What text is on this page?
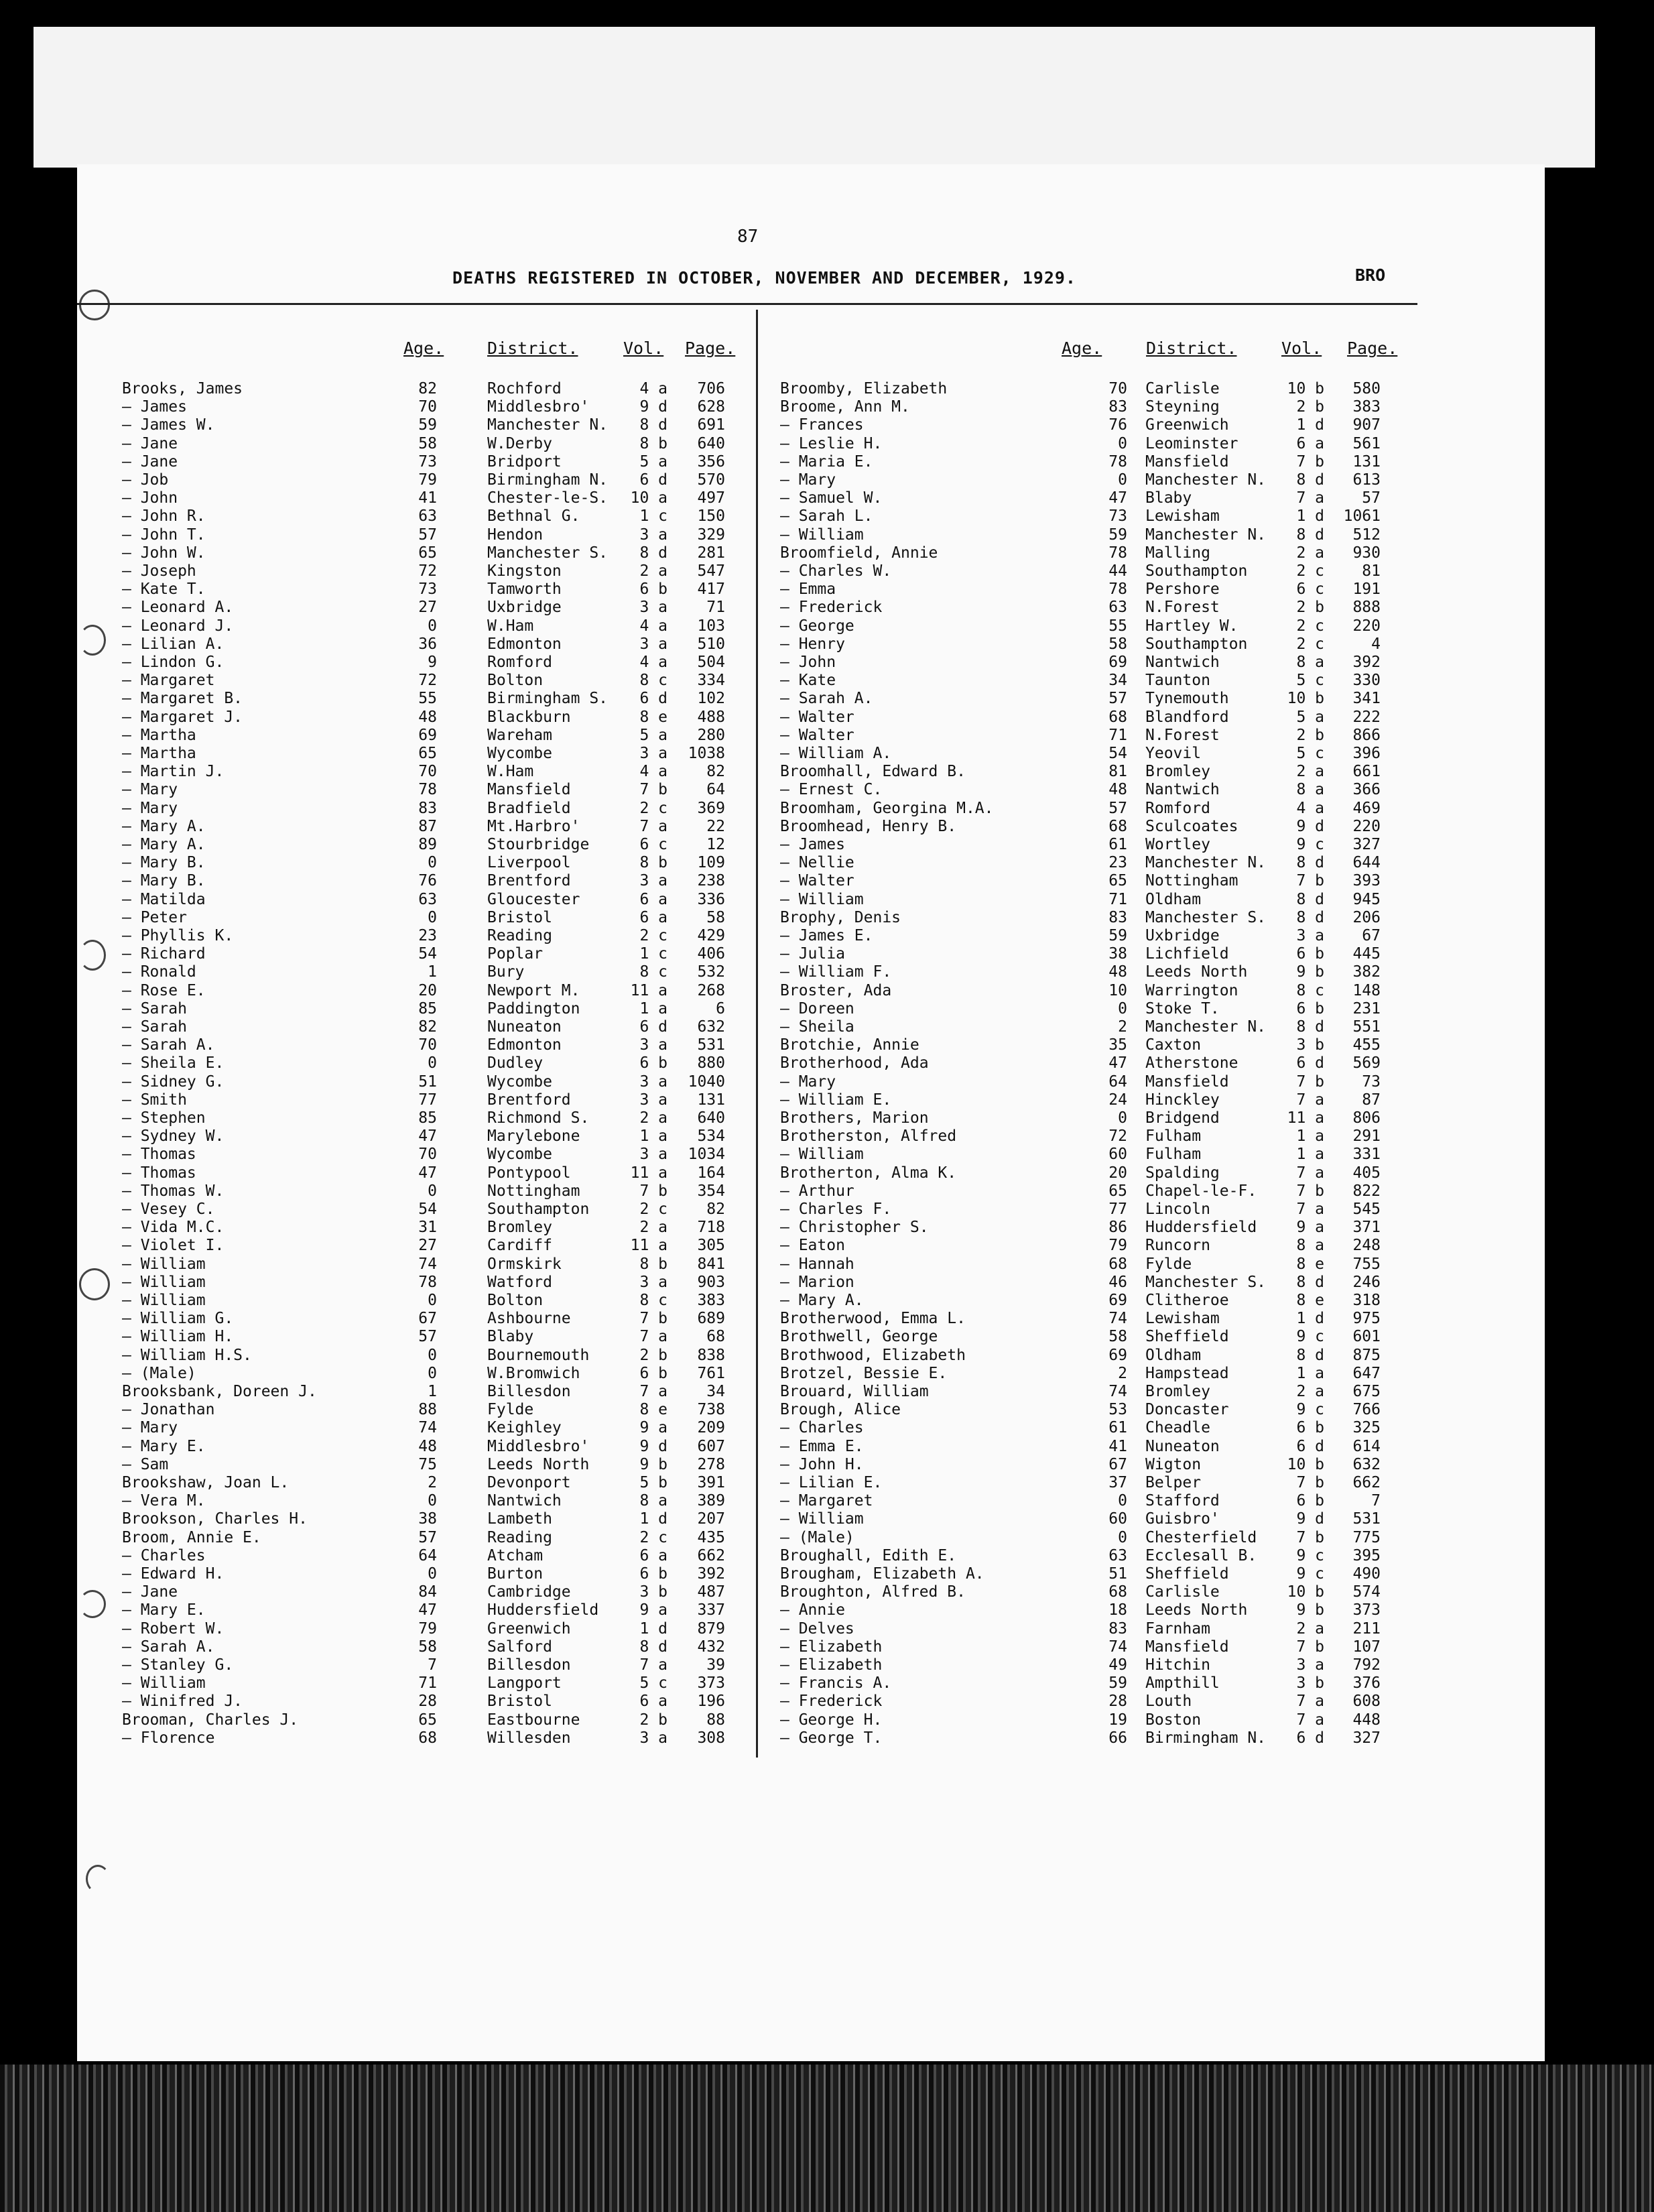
87
DEATHS REGISTERED IN OCTOBER, NOVEMBER AND DECEMBER, 1929.	BRO
Age.	District.	Vol. Page.	Age.	District.	Vol. Page.
Brooks, James	82	Rochford	4 a	706
— James	70	Middlesbro'	9 d	628
— James W.	59	Manchester N.	8 d	691
— Jane	58	W.Derby	8 b	640
— Jane	73	Bridport	5 a	356
— Job	79	Birmingham N.	6 d	570
— John	41	Chester-le-S.	10 a	497
— John R.	63	Bethnal G.	1 c	150
— John T.	57	Hendon	3 a	329
— John W.	65	Manchester S.	8 d	281
— Joseph	72	Kingston	2 a	547
— Kate T.	73	Tamworth	6 b	417
— Leonard A.	27	Uxbridge	3 a	71
— Leonard J.	0	W.Ham	4 a	103
— Lilian A.	36	Edmonton	3 a	510
— Lindon G.	9	Romford	4 a	504
— Margaret	72	Bolton	8 c	334
— Margaret B.	55	Birmingham S.	6 d	102
— Margaret J.	48	Blackburn	8 e	488
— Martha	69	Wareham	5 a	280
— Martha	65	Wycombe	3 a	1038
— Martin J.	70	W.Ham	4 a	82
— Mary	78	Mansfield	7 b	64
— Mary	83	Bradfield	2 c	369
— Mary A.	87	Mt.Harbro'	7 a	22
— Mary A.	89	Stourbridge	6 c	12
— Mary B.	0	Liverpool	8 b	109
— Mary B.	76	Brentford	3 a	238
— Matilda	63	Gloucester	6 a	336
— Peter	0	Bristol	6 a	58
— Phyllis K.	23	Reading	2 c	429
— Richard	54	Poplar	1 c	406
— Ronald	1	Bury	8 c	532
— Rose E.	20	Newport M.	11 a	268
— Sarah	85	Paddington	1 a	6
— Sarah	82	Nuneaton	6 d	632
— Sarah A.	70	Edmonton	3 a	531
— Sheila E.	0	Dudley	6 b	880
— Sidney G.	51	Wycombe	3 a	1040
— Smith	77	Brentford	3 a	131
— Stephen	85	Richmond S.	2 a	640
— Sydney W.	47	Marylebone	1 a	534
— Thomas	70	Wycombe	3 a	1034
— Thomas	47	Pontypool	11 a	164
— Thomas W.	0	Nottingham	7 b	354
— Vesey C.	54	Southampton	2 c	82
— Vida M.C.	31	Bromley	2 a	718
— Violet I.	27	Cardiff	11 a	305
— William	74	Ormskirk	8 b	841
— William	78	Watford	3 a	903
— William	0	Bolton	8 c	383
— William G.	67	Ashbourne	7 b	689
— William H.	57	Blaby	7 a	68
— William H.S.	0	Bournemouth	2 b	838
— (Male)	0	W.Bromwich	6 b	761
Brooksbank, Doreen J.	1	Billesdon	7 a	34
— Jonathan	88	Fylde	8 e	738
— Mary	74	Keighley	9 a	209
— Mary E.	48	Middlesbro'	9 d	607
— Sam	75	Leeds North	9 b	278
Brookshaw, Joan L.	2	Devonport	5 b	391
— Vera M.	0	Nantwich	8 a	389
Brookson, Charles H.	38	Lambeth	1 d	207
Broom, Annie E.	57	Reading	2 c	435
— Charles	64	Atcham	6 a	662
— Edward H.	0	Burton	6 b	392
— Jane	84	Cambridge	3 b	487
— Mary E.	47	Huddersfield	9 a	337
— Robert W.	79	Greenwich	1 d	879
— Sarah A.	58	Salford	8 d	432
— Stanley G.	7	Billesdon	7 a	39
— William	71	Langport	5 c	373
— Winifred J.	28	Bristol	6 a	196
Brooman, Charles J.	65	Eastbourne	2 b	88
— Florence	68	Willesden	3 a	308
Broomby, Elizabeth	70 Carlisle	10 b	580
Broome, Ann M.	83 Steyning	2 b	383
— Frances	76 Greenwich	1 d	907
— Leslie H.	0 Leominster	6 a	561
— Maria E.	78 Mansfield	7 b	131
— Mary	0 Manchester N.	8 d	613
— Samuel W.	47 Blaby	7 a	57
— Sarah L.	73 Lewisham	1 d	1061
— William	59 Manchester N.	8 d	512
Broomfield, Annie	78 Malling	2 a	930
— Charles W.	44 Southampton	2 c	81
— Emma	78 Pershore	6 c	191
— Frederick	63 N.Forest	2 b	888
— George	55 Hartley W.	2 c	220
— Henry	58 Southampton	2 c	4
— John	69 Nantwich	8 a	392
— Kate	34 Taunton	5 c	330
— Sarah A.	57 Tynemouth	10 b	341
— Walter	68 Blandford	5 a	222
— Walter	71 N.Forest	2 b	866
— William A.	54 Yeovil	5 c	396
Broomhall, Edward B.	81 Bromley	2 a	661
— Ernest C.	48 Nantwich	8 a	366
Broomham, Georgina M.A.	57 Romford	4 a	469
Broomhead, Henry B.	68 Sculcoates	9 d	220
— James	61 Wortley	9 c	327
— Nellie	23 Manchester N.	8 d	644
— Walter	65 Nottingham	7 b	393
— William	71 Oldham	8 d	945
Brophy, Denis	83 Manchester S.	8 d	206
— James E.	59 Uxbridge	3 a	67
— Julia	38 Lichfield	6 b	445
— William F.	48 Leeds North	9 b	382
Broster, Ada	10 Warrington	8 c	148
— Doreen	0 Stoke T.	6 b	231
— Sheila	2 Manchester N.	8 d	551
Brotchie, Annie	35 Caxton	3 b	455
Brotherhood, Ada	47 Atherstone	6 d	569
— Mary	64 Mansfield	7 b	73
— William E.	24 Hinckley	7 a	87
Brothers, Marion	0 Bridgend	11 a	806
Brotherston, Alfred	72 Fulham	1 a	291
— William	60 Fulham	1 a	331
Brotherton, Alma K.	20 Spalding	7 a	405
— Arthur	65 Chapel-le-F.	7 b	822
— Charles F.	77 Lincoln	7 a	545
— Christopher S.	86 Huddersfield	9 a	371
— Eaton	79 Runcorn	8 a	248
— Hannah	68 Fylde	8 e	755
— Marion	46 Manchester S.	8 d	246
— Mary A.	69 Clitheroe	8 e	318
Brotherwood, Emma L.	74 Lewisham	1 d	975
Brothwell, George	58 Sheffield	9 c	601
Brothwood, Elizabeth	69 Oldham	8 d	875
Brotzel, Bessie E.	2 Hampstead	1 a	647
Brouard, William	74 Bromley	2 a	675
Brough, Alice	53 Doncaster	9 c	766
— Charles	61 Cheadle	6 b	325
— Emma E.	41 Nuneaton	6 d	614
— John H.	67 Wigton	10 b	632
— Lilian E.	37 Belper	7 b	662
— Margaret	0 Stafford	6 b	7
— William	60 Guisbro'	9 d	531
— (Male)	0 Chesterfield	7 b	775
Broughall, Edith E.	63 Ecclesall B.	9 c	395
Brougham, Elizabeth A.	51 Sheffield	9 c	490
Broughton, Alfred B.	68 Carlisle	10 b	574
— Annie	18 Leeds North	9 b	373
— Delves	83 Farnham	2 a	211
— Elizabeth	74 Mansfield	7 b	107
— Elizabeth	49 Hitchin	3 a	792
— Francis A.	59 Ampthill	3 b	376
— Frederick	28 Louth	7 a	608
— George H.	19 Boston	7 a	448
— George T.	66 Birmingham N.	6 d	327
